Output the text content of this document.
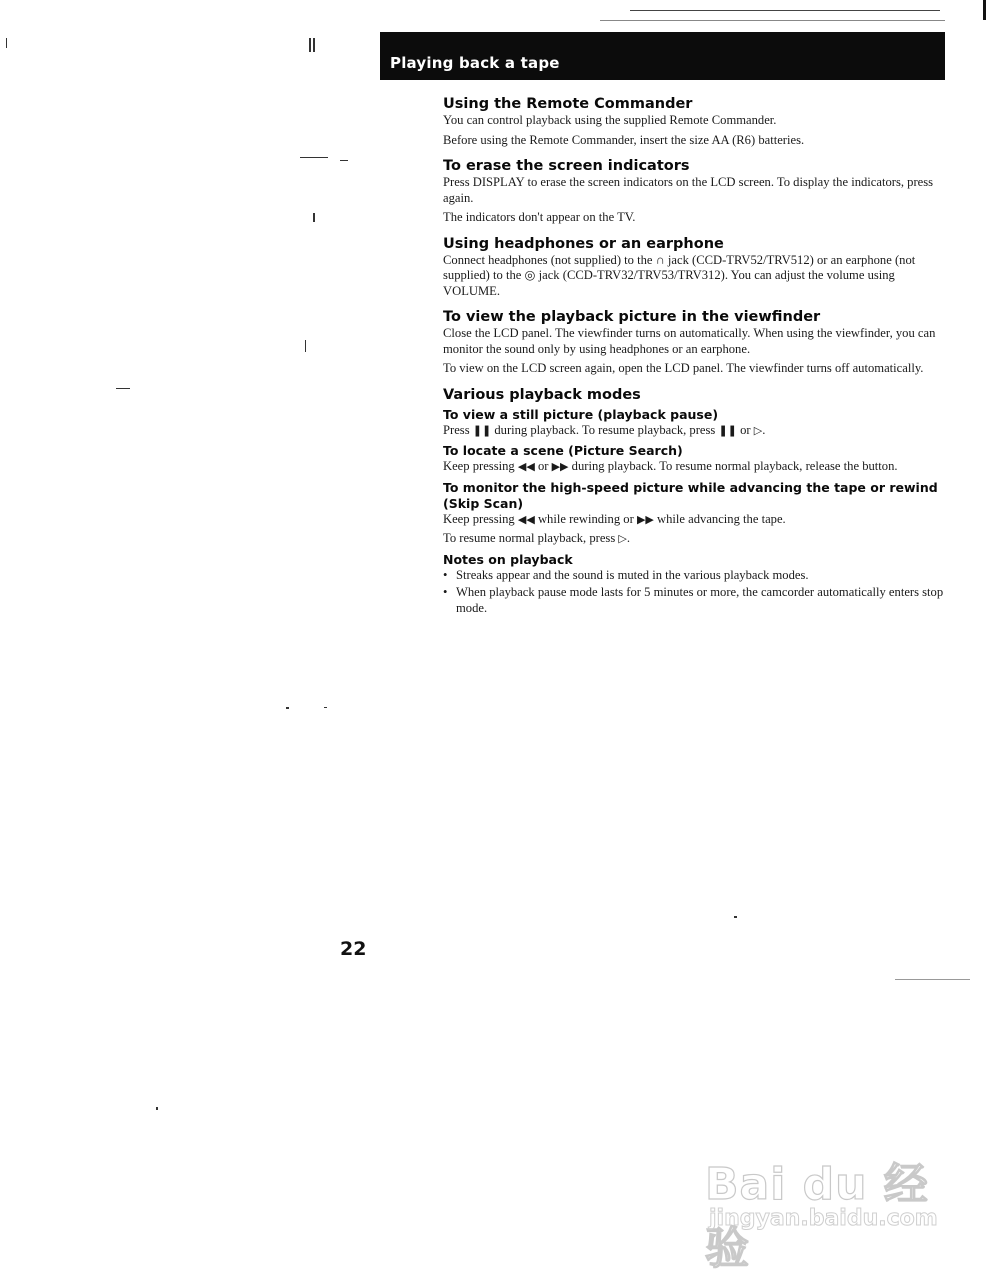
Playing back a tape
Using the Remote Commander

You can control playback using the supplied Remote Commander.

Before using the Remote Commander, insert the size AA (R6) batteries.

To erase the screen indicators

Press DISPLAY to erase the screen indicators on the LCD screen. To display the indicators, press again.

The indicators don't appear on the TV.

Using headphones or an earphone

Connect headphones (not supplied) to the ∩ jack (CCD-TRV52/TRV512) or an earphone (not supplied) to the ◎ jack (CCD-TRV32/TRV53/TRV312). You can adjust the volume using VOLUME.

To view the playback picture in the viewfinder

Close the LCD panel. The viewfinder turns on automatically. When using the viewfinder, you can monitor the sound only by using headphones or an earphone.

To view on the LCD screen again, open the LCD panel. The viewfinder turns off automatically.

Various playback modes
To view a still picture (playback pause)

Press ❚❚ during playback. To resume playback, press ❚❚ or ▷.

To locate a scene (Picture Search)

Keep pressing ◀◀ or ▶▶ during playback. To resume normal playback, release the button.

To monitor the high-speed picture while advancing the tape or rewind (Skip Scan)

Keep pressing ◀◀ while rewinding or ▶▶ while advancing the tape.

To resume normal playback, press ▷.

Notes on playback
• Streaks appear and the sound is muted in the various playback modes.
• When playback pause mode lasts for 5 minutes or more, the camcorder automatically enters stop mode.
22
Bai du 经验
jingyan.baidu.com
